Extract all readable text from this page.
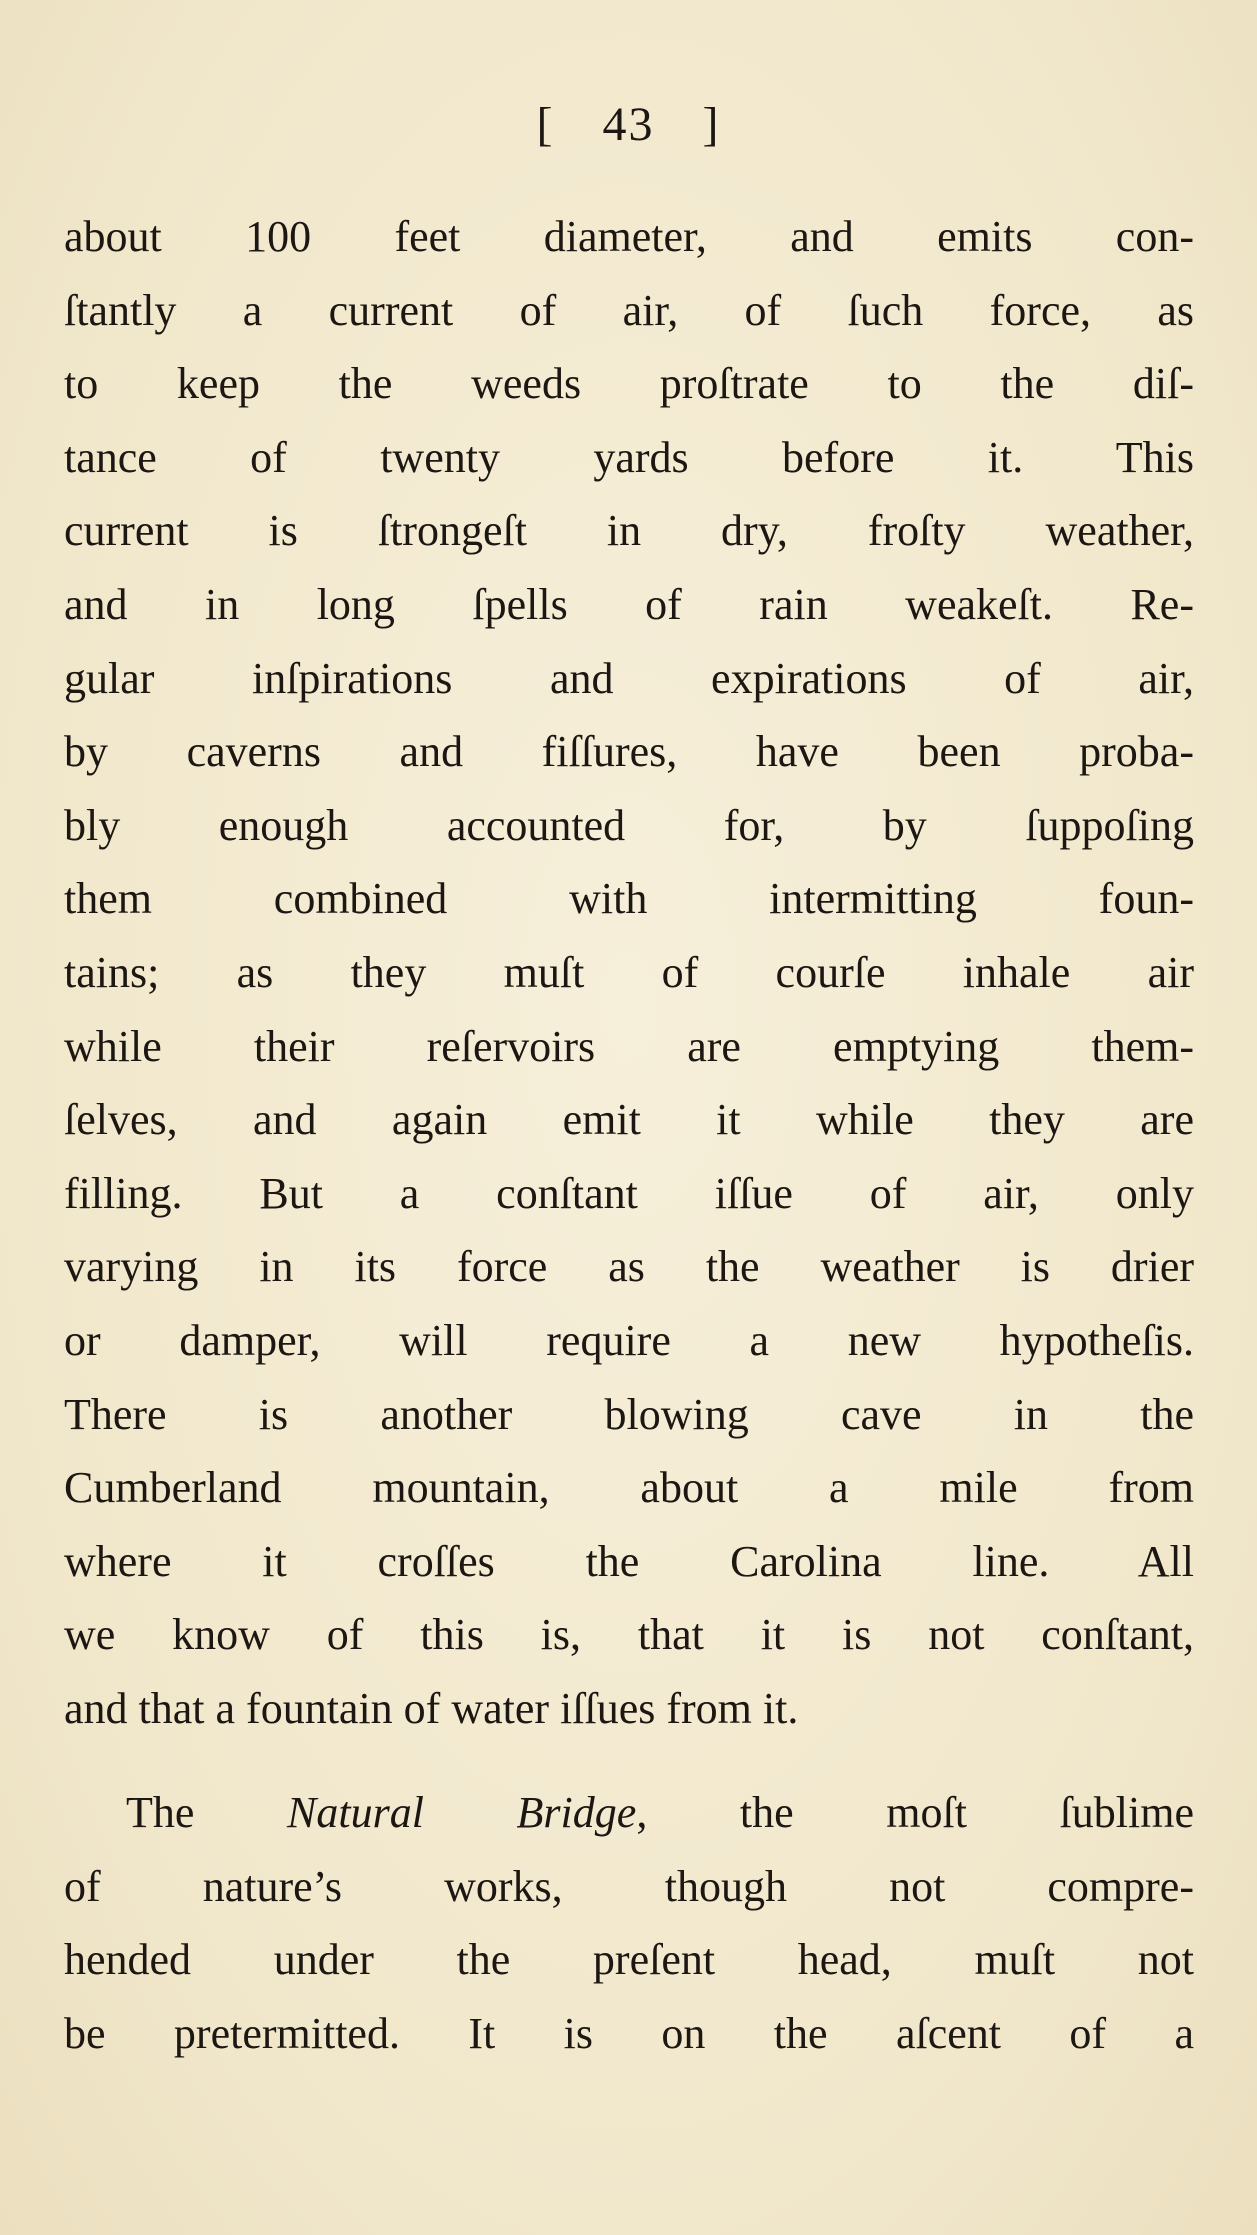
[ 43 ]
about 100 feet diameter, and emits con-
ſtantly a current of air, of ſuch force, as
to keep the weeds proſtrate to the diſ-
tance of twenty yards before it. This
current is ſtrongeſt in dry, froſty weather,
and in long ſpells of rain weakeſt. Re-
gular inſpirations and expirations of air,
by caverns and fiſſures, have been proba-
bly enough accounted for, by ſuppoſing
them combined with intermitting foun-
tains; as they muſt of courſe inhale air
while their reſervoirs are emptying them-
ſelves, and again emit it while they are
filling. But a conſtant iſſue of air, only
varying in its force as the weather is drier
or damper, will require a new hypotheſis.
There is another blowing cave in the
Cumberland mountain, about a mile from
where it croſſes the Carolina line. All
we know of this is, that it is not conſtant,
and that a fountain of water iſſues from it.
The Natural Bridge, the moſt ſublime
of nature’s works, though not compre-
hended under the preſent head, muſt not
be pretermitted. It is on the aſcent of a
